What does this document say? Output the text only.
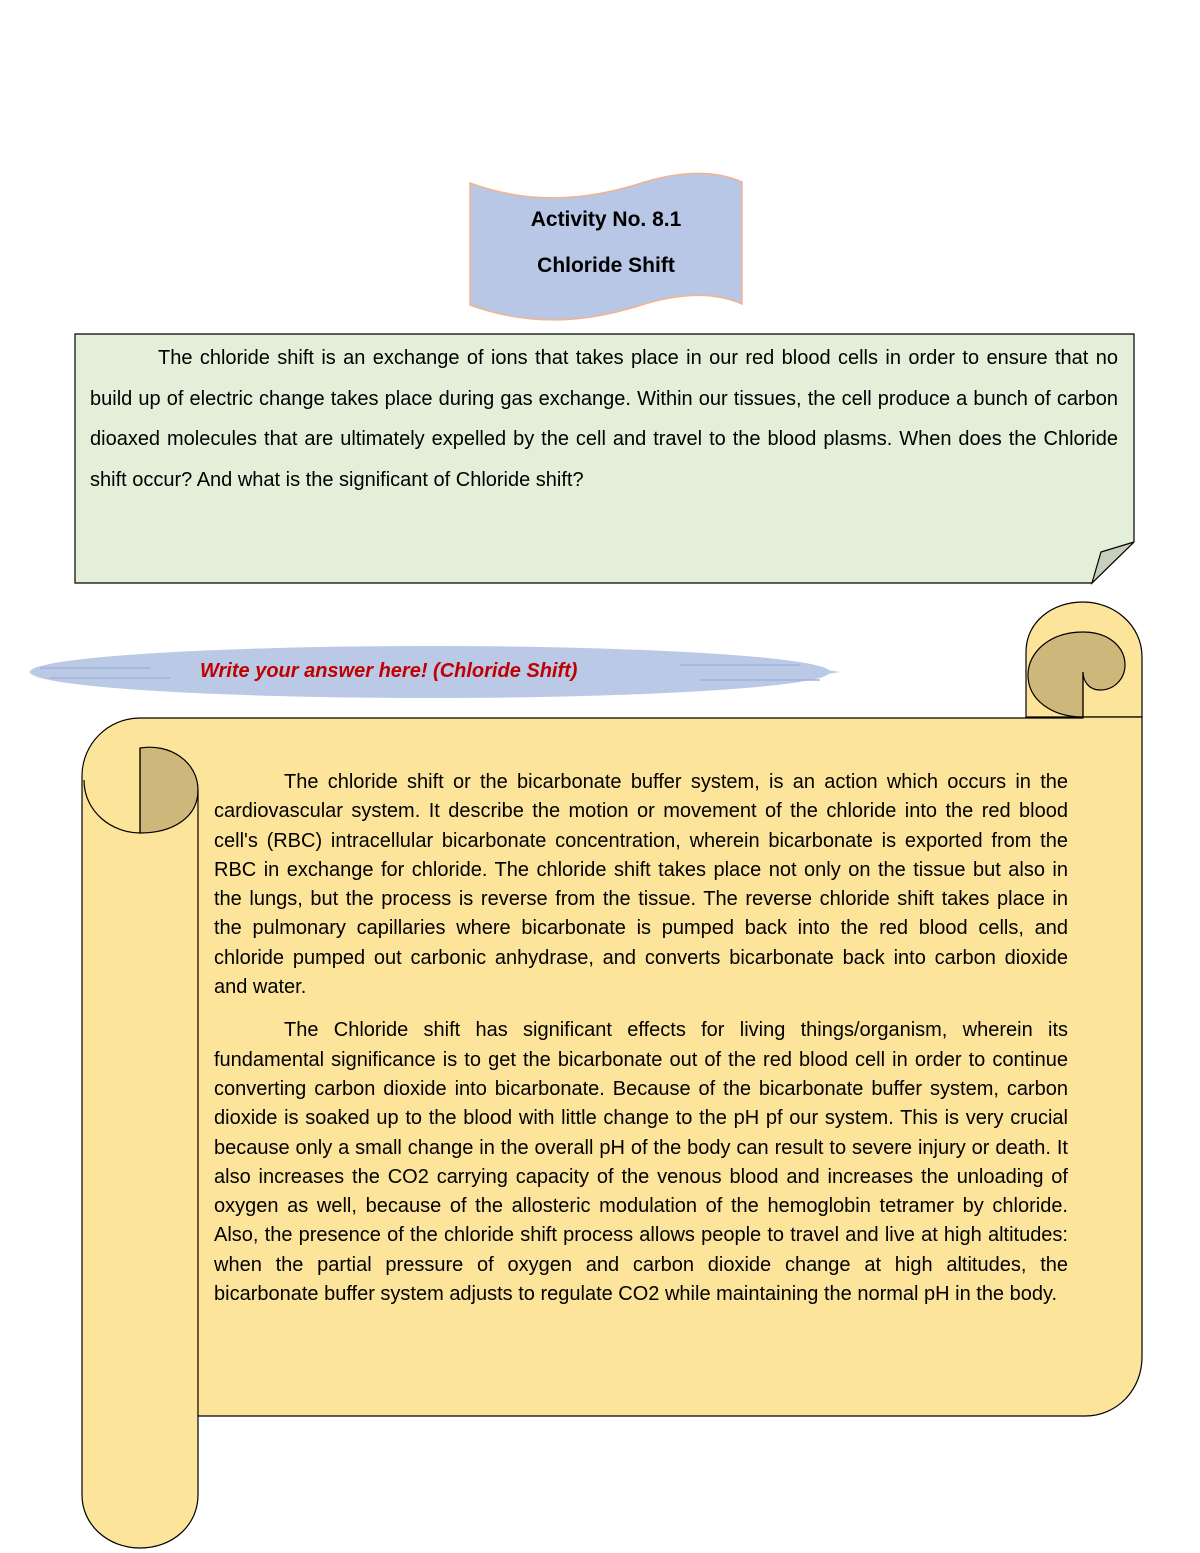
Activity No. 8.1
Chloride Shift
The chloride shift is an exchange of ions that takes place in our red blood cells in order to ensure that no build up of electric change takes place during gas exchange. Within our tissues, the cell produce a bunch of carbon dioaxed molecules that are ultimately expelled by the cell and travel to the blood plasms. When does the Chloride shift occur? And what is the significant of Chloride shift?
Write your answer here! (Chloride Shift)

The chloride shift or the bicarbonate buffer system, is an action which occurs in the cardiovascular system. It describe the motion or movement of the chloride into the red blood cell's (RBC) intracellular bicarbonate concentration, wherein bicarbonate is exported from the RBC in exchange for chloride. The chloride shift takes place not only on the tissue but also in the lungs, but the process is reverse from the tissue. The reverse chloride shift takes place in the pulmonary capillaries where bicarbonate is pumped back into the red blood cells, and chloride pumped out carbonic anhydrase, and converts bicarbonate back into carbon dioxide and water.

The Chloride shift has significant effects for living things/organism, wherein its fundamental significance is to get the bicarbonate out of the red blood cell in order to continue converting carbon dioxide into bicarbonate. Because of the bicarbonate buffer system, carbon dioxide is soaked up to the blood with little change to the pH pf our system. This is very crucial because only a small change in the overall pH of the body can result to severe injury or death. It also increases the CO2 carrying capacity of the venous blood and increases the unloading of oxygen as well, because of the allosteric modulation of the hemoglobin tetramer by chloride. Also, the presence of the chloride shift process allows people to travel and live at high altitudes: when the partial pressure of oxygen and carbon dioxide change at high altitudes, the bicarbonate buffer system adjusts to regulate CO2 while maintaining the normal pH in the body.
